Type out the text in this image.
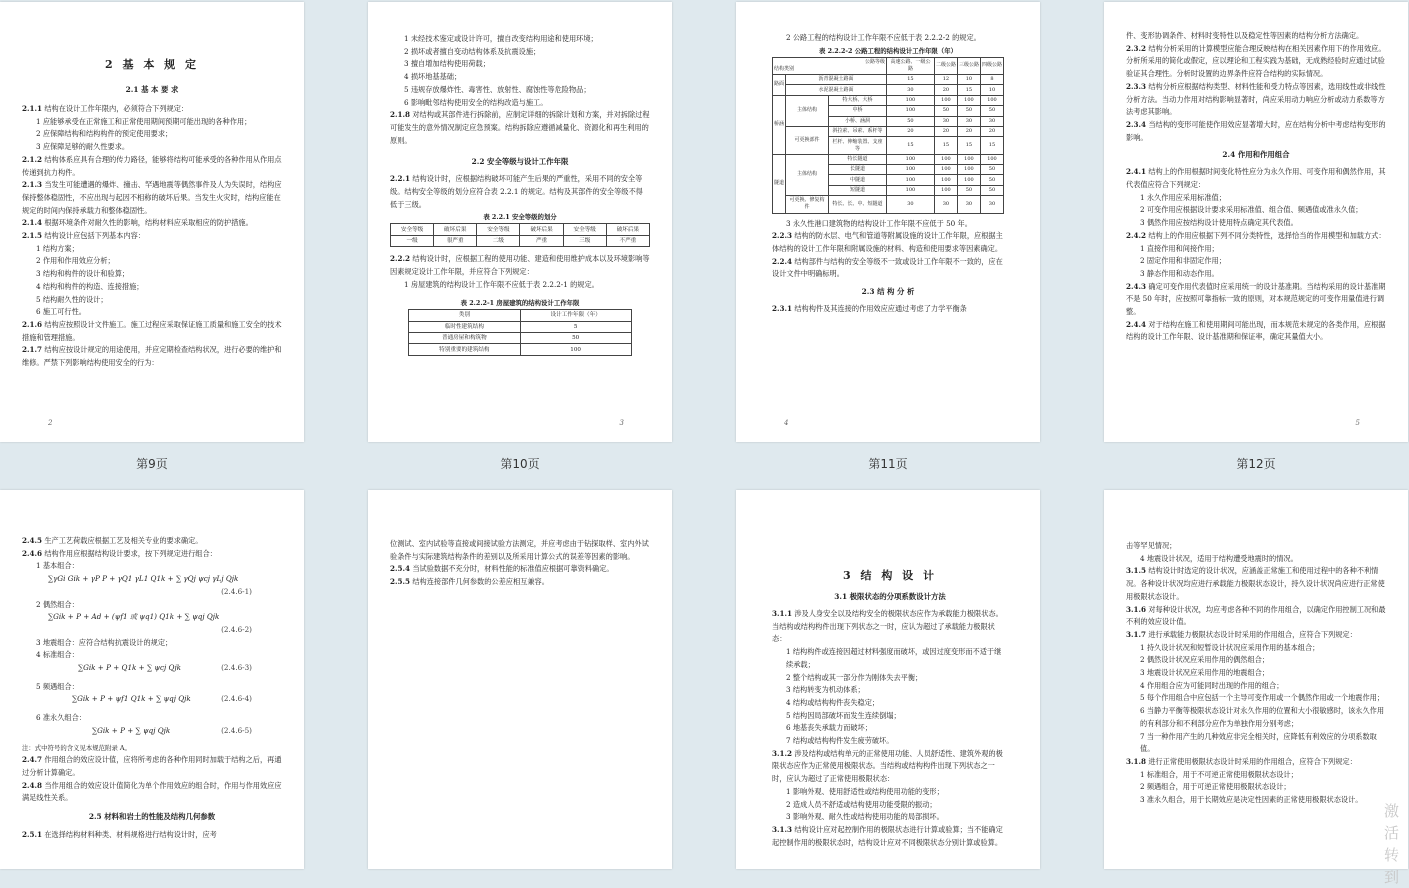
2 基 本 规 定

2.1 基 本 要 求

2.1.1 结构在设计工作年限内，必须符合下列规定：

1 应能够承受在正常施工和正常使用期间预期可能出现的各种作用；

2 应保障结构和结构构件的预定使用要求；

3 应保障足够的耐久性要求。

2.1.2 结构体系应具有合理的传力路径，能够将结构可能承受的各种作用从作用点传递到抗力构件。

2.1.3 当发生可能遭遇的爆炸、撞击、罕遇地震等偶然事件及人为失误时，结构应保持整体稳固性，不应出现与起因不相称的破坏后果。当发生火灾时，结构应能在规定的时间内保持承载力和整体稳固性。

2.1.4 根据环境条件对耐久性的影响，结构材料应采取相应的防护措施。

2.1.5 结构设计应包括下列基本内容：

1 结构方案；

2 作用和作用效应分析；

3 结构和构件的设计和验算；

4 结构和构件的构造、连接措施；

5 结构耐久性的设计；

6 施工可行性。

2.1.6 结构应按照设计文件施工。施工过程应采取保证施工质量和施工安全的技术措施和管理措施。

2.1.7 结构应按设计规定的用途使用，并应定期检查结构状况，进行必要的维护和维修。严禁下列影响结构使用安全的行为：

2

1 未经技术鉴定或设计许可，擅自改变结构用途和使用环境；

2 损坏或者擅自变动结构体系及抗震设施；

3 擅自增加结构使用荷载；

4 损坏地基基础；

5 违规存放爆炸性、毒害性、放射性、腐蚀性等危险物品；

6 影响毗邻结构使用安全的结构改造与施工。

2.1.8 对结构或其部件进行拆除前，应制定详细的拆除计划和方案，并对拆除过程可能发生的意外情况制定应急预案。结构拆除应遵循减量化、资源化和再生利用的原则。

2.2 安全等级与设计工作年限

2.2.1 结构设计时，应根据结构破坏可能产生后果的严重性，采用不同的安全等级。结构安全等级的划分应符合表 2.2.1 的规定。结构及其部件的安全等级不得低于三级。

表 2.2.1 安全等级的划分

安全等级	破坏后果	安全等级	破坏后果	安全等级	破坏后果
一级	很严重	二级	严重	三级	不严重

2.2.2 结构设计时，应根据工程的使用功能、建造和使用维护成本以及环境影响等因素规定设计工作年限，并应符合下列规定：

1 房屋建筑的结构设计工作年限不应低于表 2.2.2-1 的规定。

表 2.2.2-1 房屋建筑的结构设计工作年限

类别	设计工作年限（年）
临时性建筑结构	5
普通房屋和构筑物	50
特别重要的建筑结构	100
3

2 公路工程的结构设计工作年限不应低于表 2.2.2-2 的规定。

表 2.2.2-2 公路工程的结构设计工作年限（年）

公路等级
结构类别			高速公路、一级公路	二级公路	三级公路	四级公路
路面	沥青混凝土路面		15	12	10	8
	水泥混凝土路面		30	20	15	10
桥涵	主体结构	特大桥、大桥	100	100	100	100
		中桥	100	50	50	50
		小桥、涵洞	50	30	30	30
	可更换部件	斜拉索、吊索、系杆等	20	20	20	20
		栏杆、伸缩装置、支座等	15	15	15	15
隧道	主体结构	特长隧道	100	100	100	100
		长隧道	100	100	100	50
		中隧道	100	100	100	50
		短隧道	100	100	50	50
	可更换、修复构件	特长、长、中、短隧道	30	30	30	30

3 永久性港口建筑物的结构设计工作年限不应低于 50 年。

2.2.3 结构的防水层、电气和管道等附属设施的设计工作年限，应根据主体结构的设计工作年限和附属设施的材料、构造和使用要求等因素确定。

2.2.4 结构部件与结构的安全等级不一致或设计工作年限不一致的，应在设计文件中明确标明。

2.3 结 构 分 析

2.3.1 结构构件及其连接的作用效应应通过考虑了力学平衡条

4

件、变形协调条件、材料时变特性以及稳定性等因素的结构分析方法确定。

2.3.2 结构分析采用的计算模型应能合理反映结构在相关因素作用下的作用效应。分析所采用的简化或假定，应以理论和工程实践为基础，无成熟经验时应通过试验验证其合理性。分析时设置的边界条件应符合结构的实际情况。

2.3.3 结构分析应根据结构类型、材料性能和受力特点等因素，选用线性或非线性分析方法。当动力作用对结构影响显著时，尚应采用动力响应分析或动力系数等方法考虑其影响。

2.3.4 当结构的变形可能使作用效应显著增大时，应在结构分析中考虑结构变形的影响。

2.4 作用和作用组合

2.4.1 结构上的作用根据时间变化特性应分为永久作用、可变作用和偶然作用，其代表值应符合下列规定：

1 永久作用应采用标准值；

2 可变作用应根据设计要求采用标准值、组合值、频遇值或准永久值；

3 偶然作用应按结构设计使用特点确定其代表值。

2.4.2 结构上的作用应根据下列不同分类特性，选择恰当的作用模型和加载方式：

1 直接作用和间接作用；

2 固定作用和非固定作用；

3 静态作用和动态作用。

2.4.3 确定可变作用代表值时应采用统一的设计基准期。当结构采用的设计基准期不是 50 年时，应按照可靠指标一致的原则，对本规范规定的可变作用量值进行调整。

2.4.4 对于结构在施工和使用期间可能出现，而本规范未规定的各类作用，应根据结构的设计工作年限、设计基准期和保证率，确定其量值大小。

5
第9页	第10页	第11页	第12页

2.4.5 生产工艺荷载应根据工艺及相关专业的要求确定。

2.4.6 结构作用应根据结构设计要求，按下列规定进行组合：

1 基本组合：

∑γGi Gik + γP P + γQ1 γL1 Q1k + ∑ γQj ψcj γLj Qjk
(2.4.6-1)

2 偶然组合：

∑Gik + P + Ad + (ψf1 或 ψq1) Q1k + ∑ ψqj Qjk
(2.4.6-2)

3 地震组合：应符合结构抗震设计的规定；

4 标准组合：

∑Gik + P + Q1k + ∑ ψcj Qjk	(2.4.6-3)

5 频遇组合：

∑Gik + P + ψf1 Q1k + ∑ ψqj Qjk	(2.4.6-4)

6 准永久组合：

∑Gik + P + ∑ ψqj Qjk	(2.4.6-5)

注：式中符号的含义见本规范附录 A。

2.4.7 作用组合的效应设计值，应将所考虑的各种作用同时加载于结构之后，再通过分析计算确定。

2.4.8 当作用组合的效应设计值简化为单个作用效应的组合时，作用与作用效应应满足线性关系。

2.5 材料和岩土的性能及结构几何参数

2.5.1 在选择结构材料种类、材料规格进行结构设计时，应考

位测试、室内试验等直接或间接试验方法测定，并应考虑由于钻探取样、室内外试验条件与实际建筑结构条件的差别以及所采用计算公式的误差等因素的影响。

2.5.4 当试验数据不充分时，材料性能的标准值应根据可靠资料确定。

2.5.5 结构连接部件几何参数的公差应相互兼容。	3 结 构 设 计

3.1 极限状态的分项系数设计方法

3.1.1 涉及人身安全以及结构安全的极限状态应作为承载能力极限状态。当结构或结构构件出现下列状态之一时，应认为超过了承载能力极限状态：

1 结构构件或连接因超过材料强度而破坏，或因过度变形而不适于继续承载；

2 整个结构或其一部分作为刚体失去平衡；

3 结构转变为机动体系；

4 结构或结构构件丧失稳定；

5 结构因局部破坏而发生连续倒塌；

6 地基丧失承载力而破坏；

7 结构或结构构件发生疲劳破坏。

3.1.2 涉及结构或结构单元的正常使用功能、人员舒适性、建筑外观的极限状态应作为正常使用极限状态。当结构或结构构件出现下列状态之一时，应认为超过了正常使用极限状态：

1 影响外观、使用舒适性或结构使用功能的变形；

2 造成人员不舒适或结构使用功能受限的振动；

3 影响外观、耐久性或结构使用功能的局部损坏。

3.1.3 结构设计应对起控制作用的极限状态进行计算或验算；当不能确定起控制作用的极限状态时，结构设计应对不同极限状态分别计算或验算。

击等罕见情况；

4 地震设计状况，适用于结构遭受地震时的情况。

3.1.5 结构设计时选定的设计状况，应涵盖正常施工和使用过程中的各种不利情况。各种设计状况均应进行承载能力极限状态设计，持久设计状况尚应进行正常使用极限状态设计。

3.1.6 对每种设计状况，均应考虑各种不同的作用组合，以确定作用控制工况和最不利的效应设计值。

3.1.7 进行承载能力极限状态设计时采用的作用组合，应符合下列规定：

1 持久设计状况和短暂设计状况应采用作用的基本组合；

2 偶然设计状况应采用作用的偶然组合；

3 地震设计状况应采用作用的地震组合；

4 作用组合应为可能同时出现的作用的组合；

5 每个作用组合中应包括一个主导可变作用或一个偶然作用或一个地震作用；

6 当静力平衡等极限状态设计对永久作用的位置和大小很敏感时，该永久作用的有利部分和不利部分应作为单独作用分别考虑；

7 当一种作用产生的几种效应非完全相关时，应降低有利效应的分项系数取值。

3.1.8 进行正常使用极限状态设计时采用的作用组合，应符合下列规定：

1 标准组合，用于不可逆正常使用极限状态设计；

2 频遇组合，用于可逆正常使用极限状态设计；

3 准永久组合，用于长期效应是决定性因素的正常使用极限状态设计。

激活
转到
